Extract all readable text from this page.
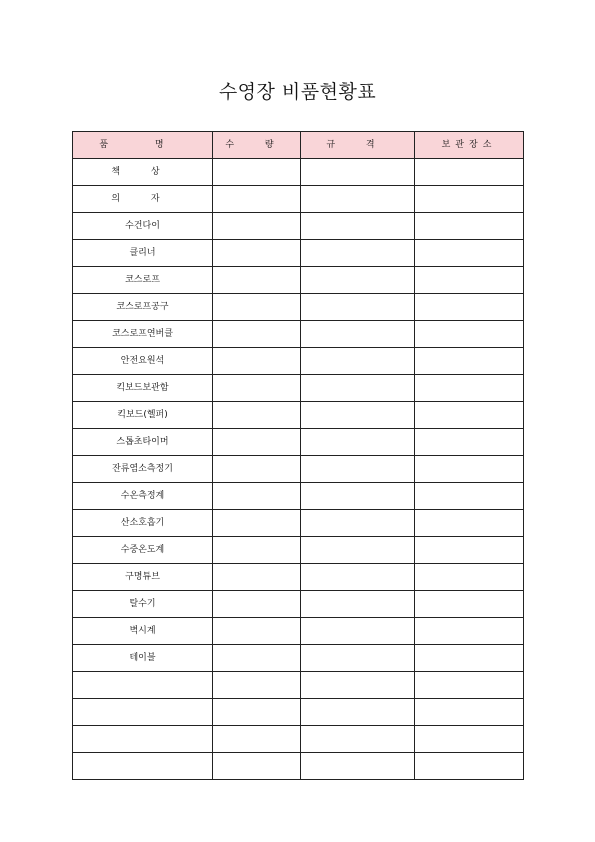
수영장 비품현황표
품 명	수 량	규 격	보관장소
책 상			
의 자			
수건다이			
클리너			
코스로프			
코스로프공구			
코스로프연버클			
안전요원석			
킥보드보관함			
킥보드(헬퍼)			
스톱초타이머			
잔류염소측정기			
수온측정계			
산소호흡기			
수중온도계			
구명튜브			
탈수기			
벽시계			
테이블			
